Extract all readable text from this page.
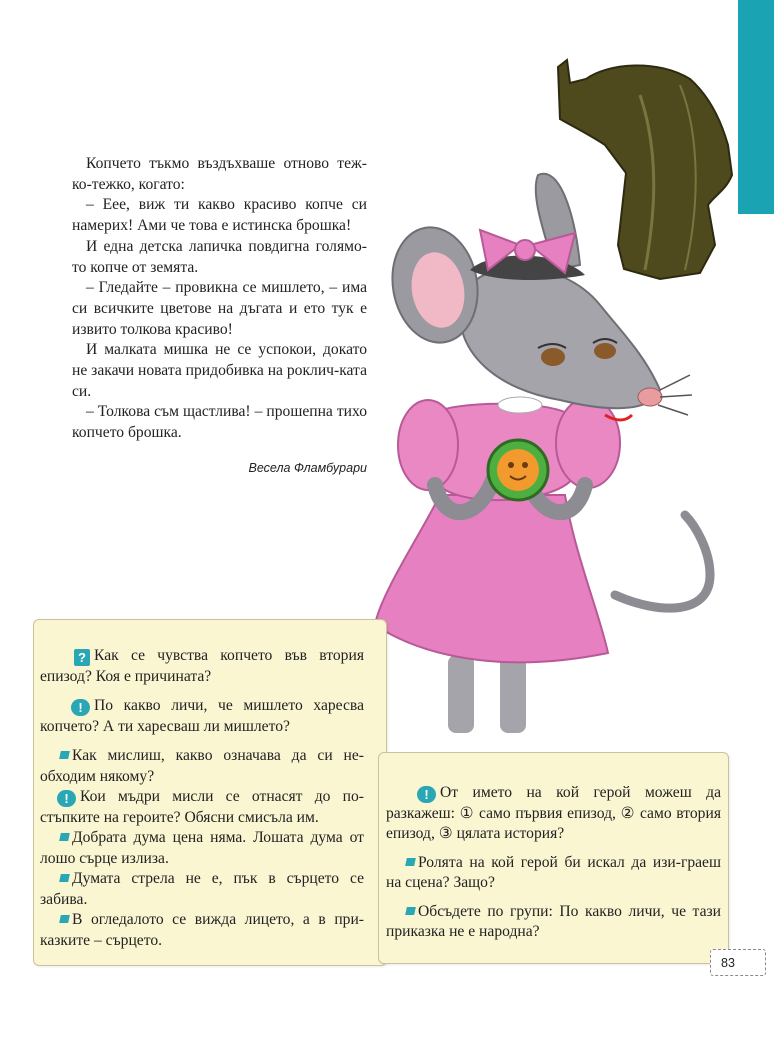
Копчето тъкмо въздъхваше отново теж-ко-тежко, когато:

– Еее, виж ти какво красиво копче си намерих! Ами че това е истинска брошка!

И една детска лапичка повдигна голямо-то копче от земята.

– Гледайте – провикна се мишлето, – има си всичките цветове на дъгата и ето тук е извито толкова красиво!

И малката мишка не се успокои, докато не закачи новата придобивка на роклич-ката си.

– Толкова съм щастлива! – прошепна тихо копчето брошка.

Весела Фламбурари

? Как се чувства копчето във втория епизод? Коя е причината?

! По какво личи, че мишлето харесва копчето? А ти харесваш ли мишлето?

Как мислиш, какво означава да си не-обходим някому?

! Кои мъдри мисли се отнасят до по-стъпките на героите? Обясни смисъла им.

Добрата дума цена няма. Лошата дума от лошо сърце излиза.

Думата стрела не е, пък в сърцето се забива.

В огледалото се вижда лицето, а в при-казките – сърцето.

! От името на кой герой можеш да разкажеш: ① само първия епизод, ② само втория епизод, ③ цялата история?

Ролята на кой герой би искал да изи-граеш на сцена? Защо?

Обсъдете по групи: По какво личи, че тази приказка не е народна?

83
